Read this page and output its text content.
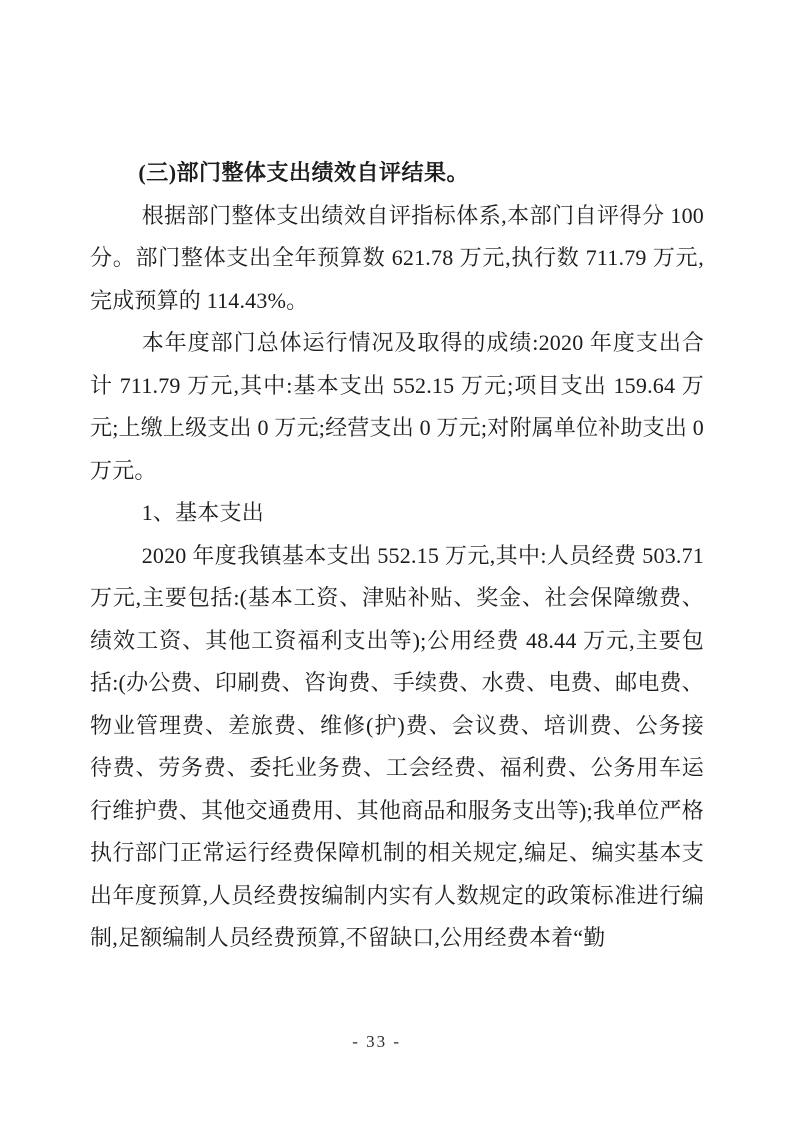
(三)部门整体支出绩效自评结果。

根据部门整体支出绩效自评指标体系,本部门自评得分 100 分。部门整体支出全年预算数 621.78 万元,执行数 711.79 万元,完成预算的 114.43%。

本年度部门总体运行情况及取得的成绩:2020 年度支出合计 711.79 万元,其中:基本支出 552.15 万元;项目支出 159.64 万元;上缴上级支出 0 万元;经营支出 0 万元;对附属单位补助支出 0 万元。

1、基本支出

2020 年度我镇基本支出 552.15 万元,其中:人员经费 503.71 万元,主要包括:(基本工资、津贴补贴、奖金、社会保障缴费、绩效工资、其他工资福利支出等);公用经费 48.44 万元,主要包括:(办公费、印刷费、咨询费、手续费、水费、电费、邮电费、物业管理费、差旅费、维修(护)费、会议费、培训费、公务接待费、劳务费、委托业务费、工会经费、福利费、公务用车运行维护费、其他交通费用、其他商品和服务支出等);我单位严格执行部门正常运行经费保障机制的相关规定,编足、编实基本支出年度预算,人员经费按编制内实有人数规定的政策标准进行编制,足额编制人员经费预算,不留缺口,公用经费本着“勤

- 33 -
